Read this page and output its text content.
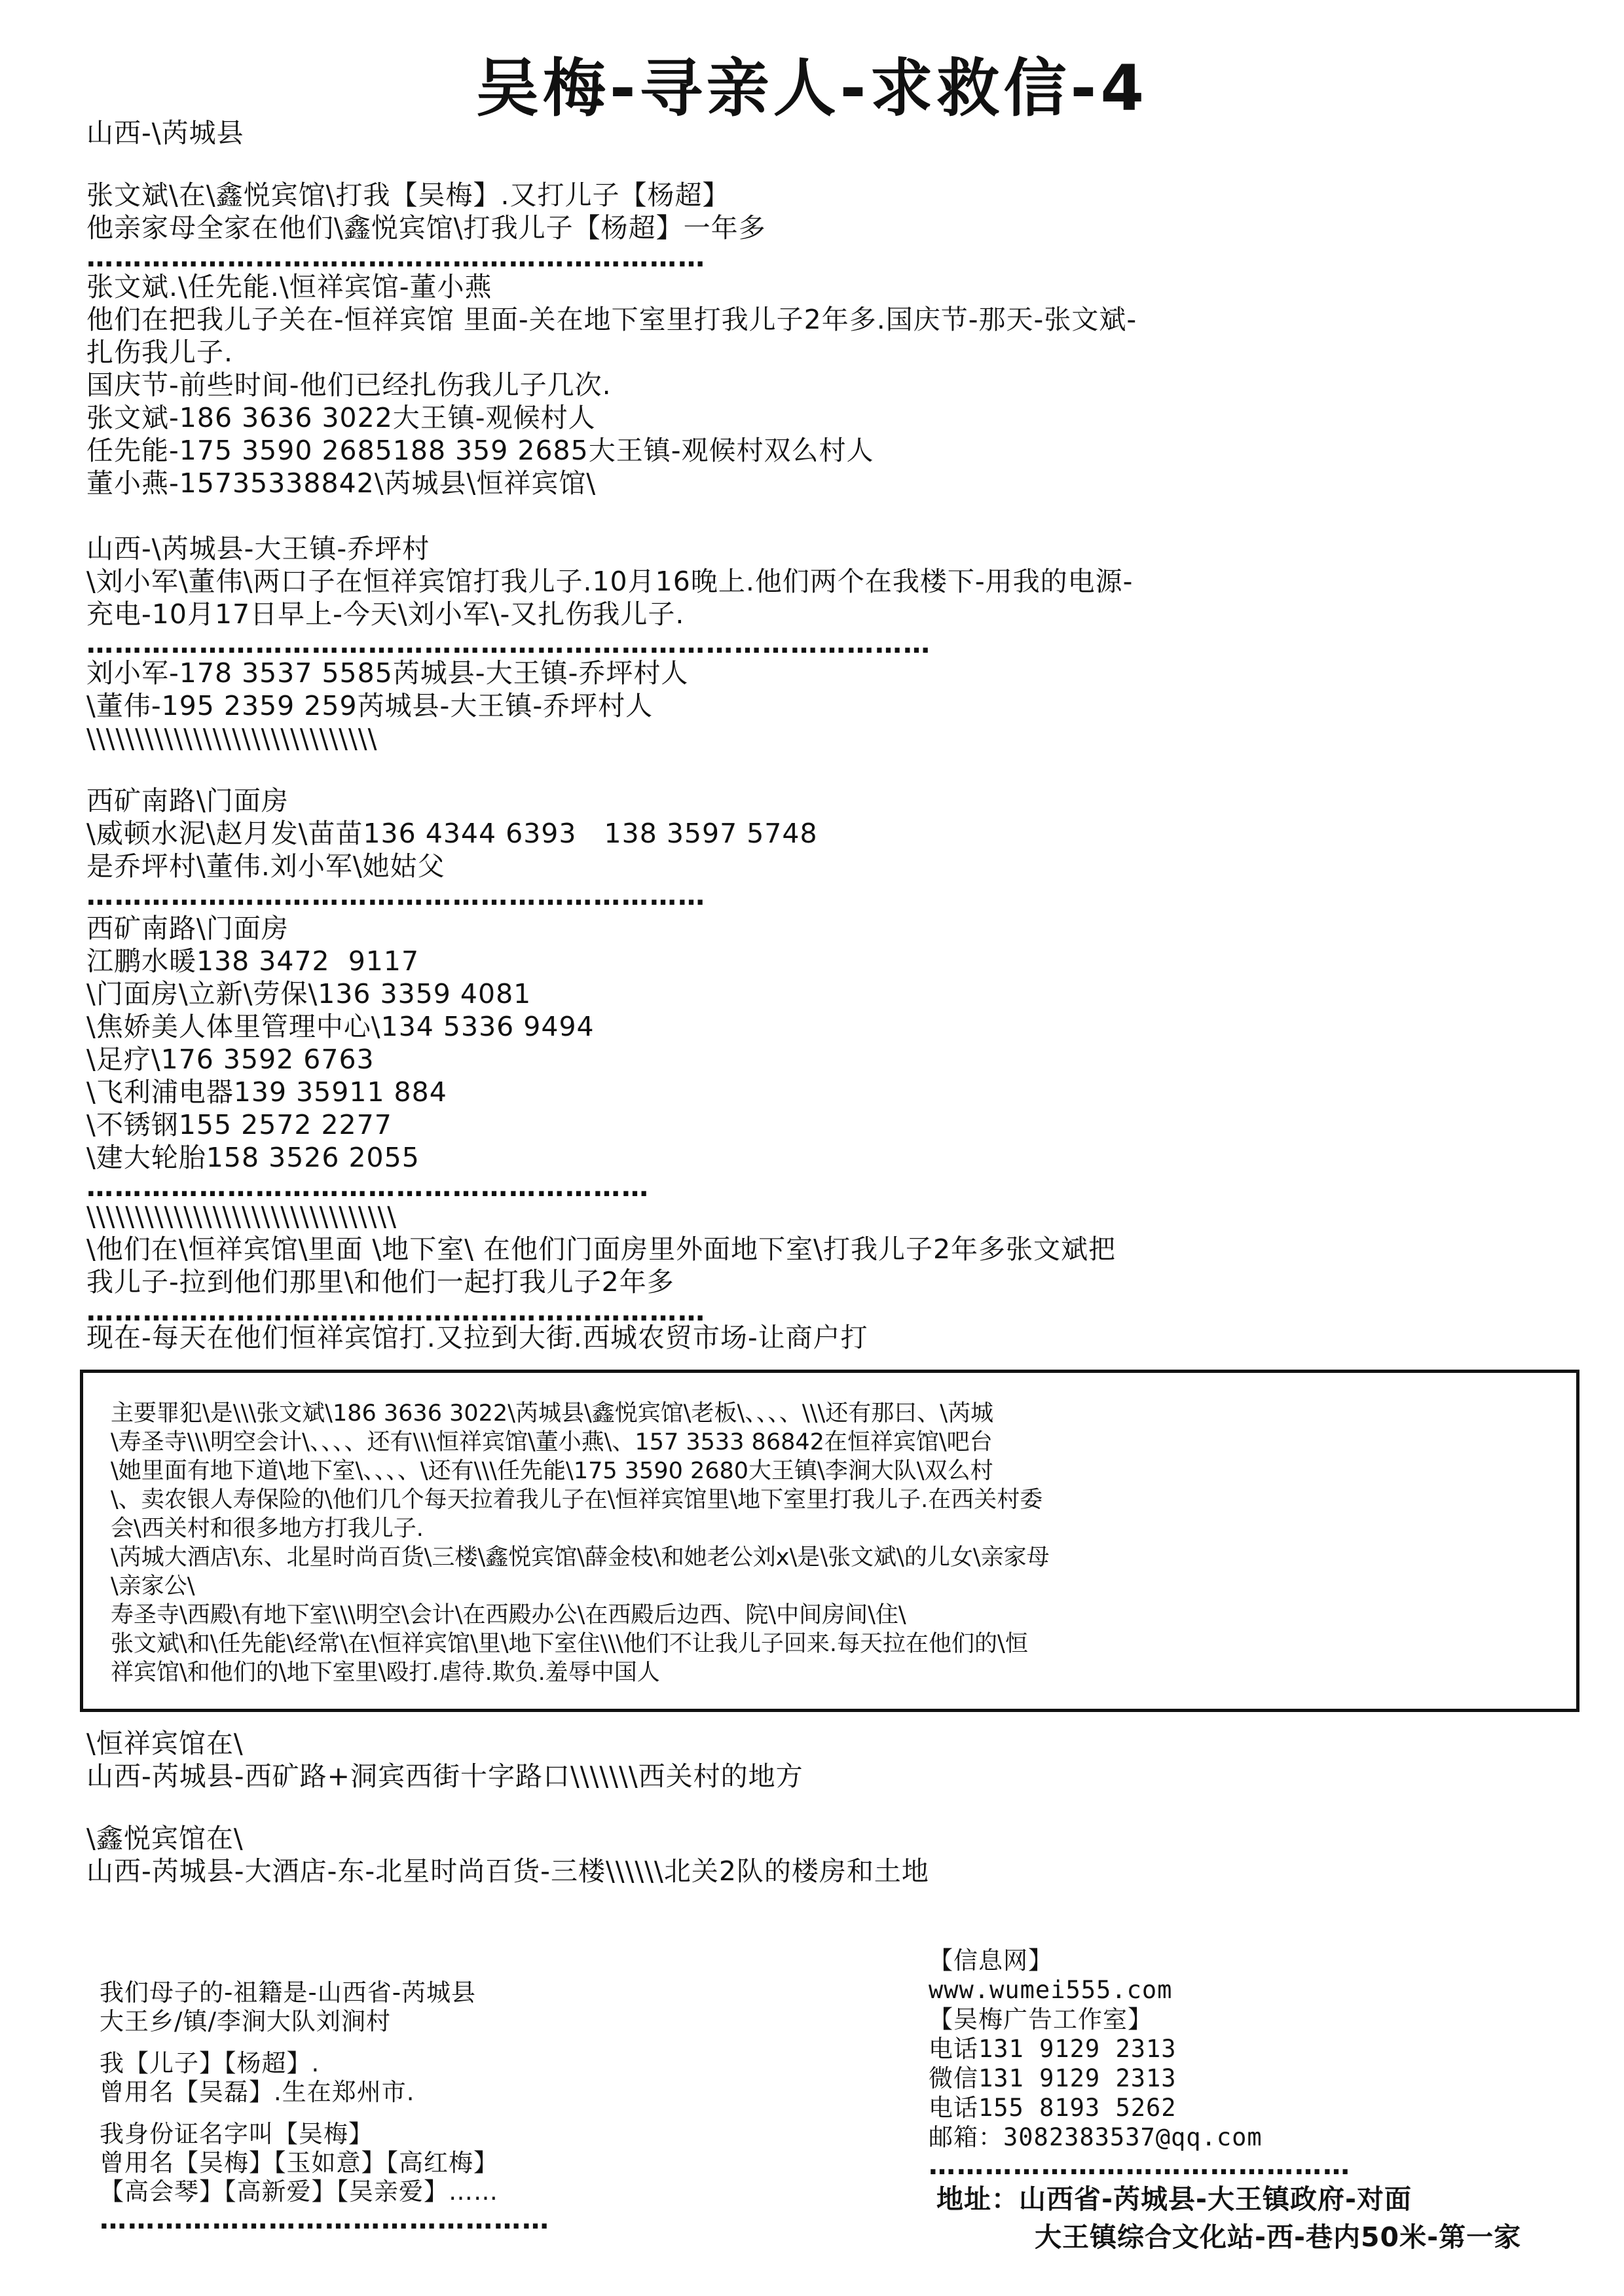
吴梅-寻亲人-求救信-4
山西-\芮城县
张文斌\在\鑫悦宾馆\打我【吴梅】.又打儿子【杨超】
他亲家母全家在他们\鑫悦宾馆\打我儿子【杨超】一年多
…………………………………………………………
张文斌.\任先能.\恒祥宾馆-董小燕
他们在把我儿子关在-恒祥宾馆 里面-关在地下室里打我儿子2年多.国庆节-那天-张文斌-
扎伤我儿子.
国庆节-前些时间-他们已经扎伤我儿子几次.
张文斌-186 3636 3022大王镇-观候村人
任先能-175 3590 2685188 359 2685大王镇-观候村双么村人
董小燕-15735338842\芮城县\恒祥宾馆\
山西-\芮城县-大王镇-乔坪村
\刘小军\董伟\两口子在恒祥宾馆打我儿子.10月16晚上.他们两个在我楼下-用我的电源-
充电-10月17日早上-今天\刘小军\-又扎伤我儿子.
………………………………………………………………………………
刘小军-178 3537 5585芮城县-大王镇-乔坪村人
\董伟-195 2359 259芮城县-大王镇-乔坪村人
\\\\\\\\\\\\\\\\\\\\\\\\\\\\\\
西矿南路\门面房
\威顿水泥\赵月发\苗苗136 4344 6393   138 3597 5748
是乔坪村\董伟.刘小军\她姑父
…………………………………………………………
西矿南路\门面房
江鹏水暖138 3472  9117
\门面房\立新\劳保\136 3359 4081
\焦娇美人体里管理中心\134 5336 9494
\足疗\176 3592 6763
\飞利浦电器139 35911 884
\不锈钢155 2572 2277
\建大轮胎158 3526 2055
……………………………………………………
\\\\\\\\\\\\\\\\\\\\\\\\\\\\\\\\
\他们在\恒祥宾馆\里面 \地下室\ 在他们门面房里外面地下室\打我儿子2年多张文斌把
我儿子-拉到他们那里\和他们一起打我儿子2年多
…………………………………………………………
现在-每天在他们恒祥宾馆打.又拉到大街.西城农贸市场-让商户打
主要罪犯\是\\\张文斌\186 3636 3022\芮城县\鑫悦宾馆\老板\、、、、\\\还有那曰、\芮城
\寿圣寺\\\明空会计\、、、、还有\\\恒祥宾馆\董小燕\、157 3533 86842在恒祥宾馆\吧台
\她里面有地下道\地下室\、、、、\还有\\\任先能\175 3590 2680大王镇\李涧大队\双么村
\、卖农银人寿保险的\他们几个每天拉着我儿子在\恒祥宾馆里\地下室里打我儿子.在西关村委
会\西关村和很多地方打我儿子.
\芮城大酒店\东、北星时尚百货\三楼\鑫悦宾馆\薛金枝\和她老公刘x\是\张文斌\的儿女\亲家母
\亲家公\
寿圣寺\西殿\有地下室\\\明空\会计\在西殿办公\在西殿后边西、院\中间房间\住\
张文斌\和\任先能\经常\在\恒祥宾馆\里\地下室住\\\他们不让我儿子回来.每天拉在他们的\恒
祥宾馆\和他们的\地下室里\殴打.虐待.欺负.羞辱中国人
\恒祥宾馆在\
山西-芮城县-西矿路+洞宾西街十字路口\\\\\\\西关村的地方
\鑫悦宾馆在\
山西-芮城县-大酒店-东-北星时尚百货-三楼\\\\\\北关2队的楼房和土地
我们母子的-祖籍是-山西省-芮城县
大王乡/镇/李涧大队刘涧村
我【儿子】【杨超】.
曾用名【吴磊】.生在郑州市.
我身份证名字叫【吴梅】
曾用名【吴梅】【玉如意】【高红梅】
【高会琴】【高新爱】【吴亲爱】……
…………………………………………
【信息网】
www.wumei555.com
【吴梅广告工作室】
电话131 9129 2313
微信131 9129 2313
电话155 8193 5262
邮箱：3082383537@qq.com
………………………………………
地址：山西省-芮城县-大王镇政府-对面
大王镇综合文化站-西-巷内50米-第一家
